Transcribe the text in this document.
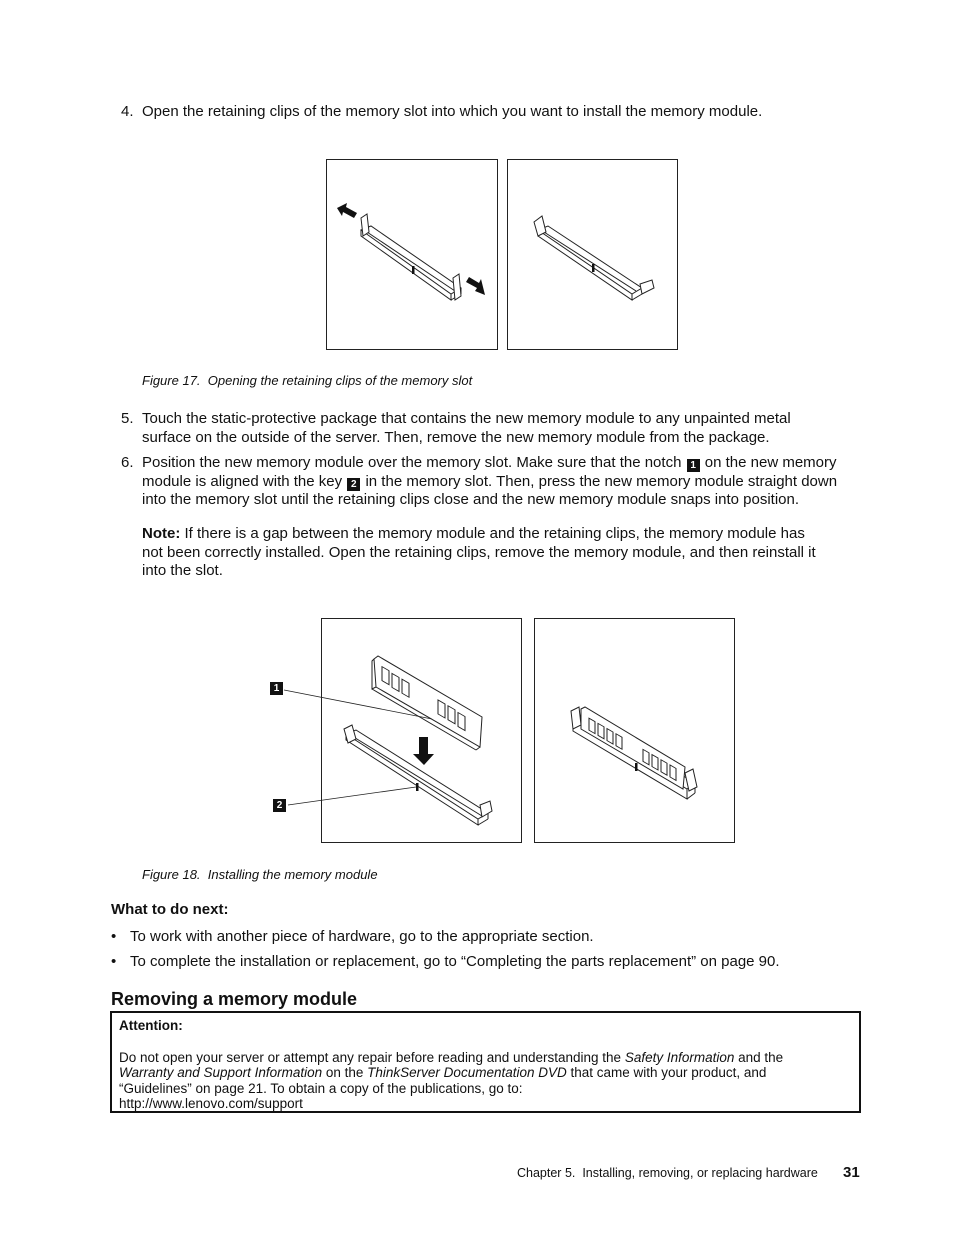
4. Open the retaining clips of the memory slot into which you want to install the memory module.
Figure 17.  Opening the retaining clips of the memory slot
5. Touch the static-protective package that contains the new memory module to any unpainted metal
surface on the outside of the server. Then, remove the new memory module from the package.
6. Position the new memory module over the memory slot. Make sure that the notch 1 on the new memory
module is aligned with the key 2 in the memory slot. Then, press the new memory module straight down
into the memory slot until the retaining clips close and the new memory module snaps into position.
Note: If there is a gap between the memory module and the retaining clips, the memory module has
not been correctly installed. Open the retaining clips, remove the memory module, and then reinstall it
into the slot.
1
2
Figure 18.  Installing the memory module
What to do next:
• To work with another piece of hardware, go to the appropriate section.
• To complete the installation or replacement, go to “Completing the parts replacement” on page 90.
Removing a memory module
Attention:
Do not open your server or attempt any repair before reading and understanding the Safety Information and the
Warranty and Support Information on the ThinkServer Documentation DVD that came with your product, and
“Guidelines” on page 21. To obtain a copy of the publications, go to:
http://www.lenovo.com/support
Chapter 5.  Installing, removing, or replacing hardware 31
